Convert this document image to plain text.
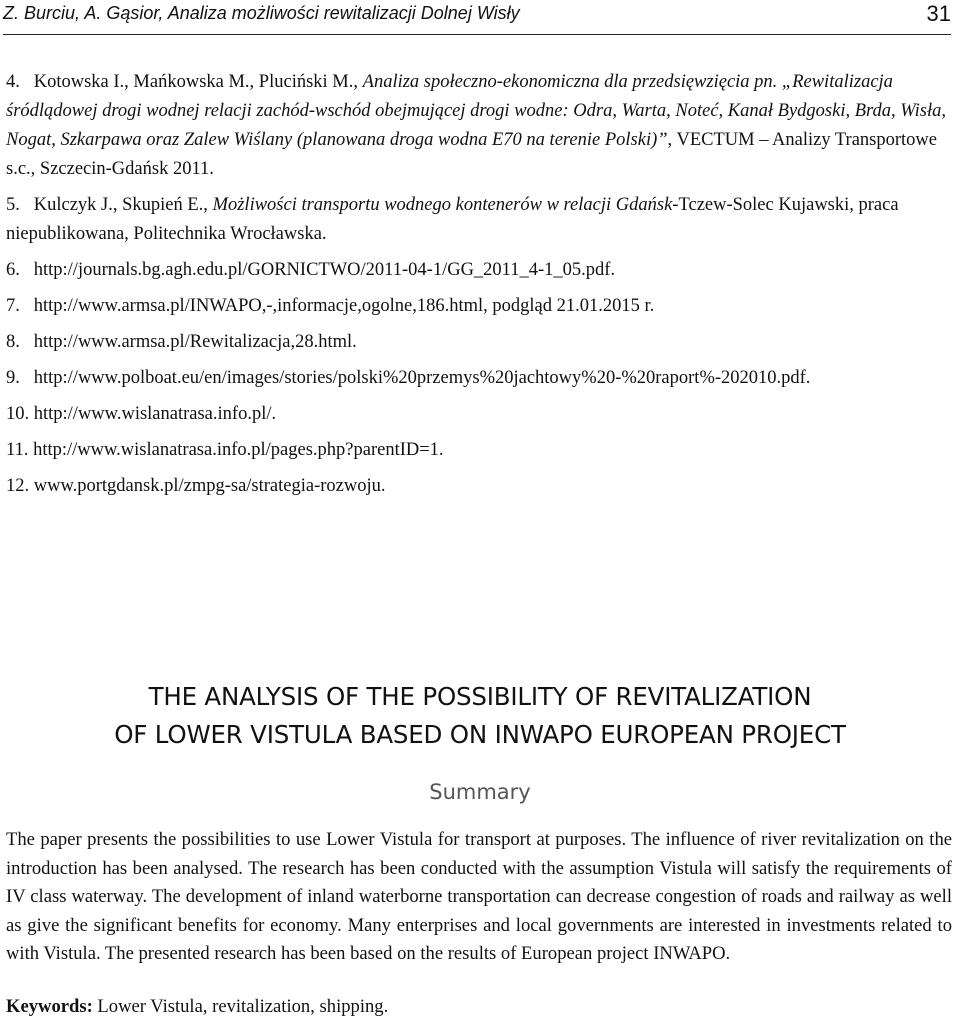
Z. Burciu, A. Gąsior, Analiza możliwości rewitalizacji Dolnej Wisły	31
4. Kotowska I., Mańkowska M., Pluciński M., Analiza społeczno-ekonomiczna dla przedsięwzięcia pn. „Rewitalizacja śródlądowej drogi wodnej relacji zachód-wschód obejmującej drogi wodne: Odra, Warta, Noteć, Kanał Bydgoski, Brda, Wisła, Nogat, Szkarpawa oraz Zalew Wiślany (planowana droga wodna E70 na terenie Polski)”, VECTUM – Analizy Transportowe s.c., Szczecin-Gdańsk 2011.
5. Kulczyk J., Skupień E., Możliwości transportu wodnego kontenerów w relacji Gdańsk-Tczew-Solec Kujawski, praca niepublikowana, Politechnika Wrocławska.
6. http://journals.bg.agh.edu.pl/GORNICTWO/2011-04-1/GG_2011_4-1_05.pdf.
7. http://www.armsa.pl/INWAPO,-,informacje,ogolne,186.html, podgląd 21.01.2015 r.
8. http://www.armsa.pl/Rewitalizacja,28.html.
9. http://www.polboat.eu/en/images/stories/polski%20przemys%20jachtowy%20-%20raport%-202010.pdf.
10. http://www.wislanatrasa.info.pl/.
11. http://www.wislanatrasa.info.pl/pages.php?parentID=1.
12. www.portgdansk.pl/zmpg-sa/strategia-rozwoju.
THE ANALYSIS OF THE POSSIBILITY OF REVITALIZATION
OF LOWER VISTULA BASED ON INWAPO EUROPEAN PROJECT
Summary
The paper presents the possibilities to use Lower Vistula for transport at purposes. The influence of river revitalization on the introduction has been analysed. The research has been conducted with the assumption Vistula will satisfy the requirements of IV class waterway. The development of inland waterborne transportation can decrease congestion of roads and railway as well as give the significant benefits for economy. Many enterprises and local governments are interested in investments related to with Vistula. The presented research has been based on the results of European project INWAPO.
Keywords: Lower Vistula, revitalization, shipping.
